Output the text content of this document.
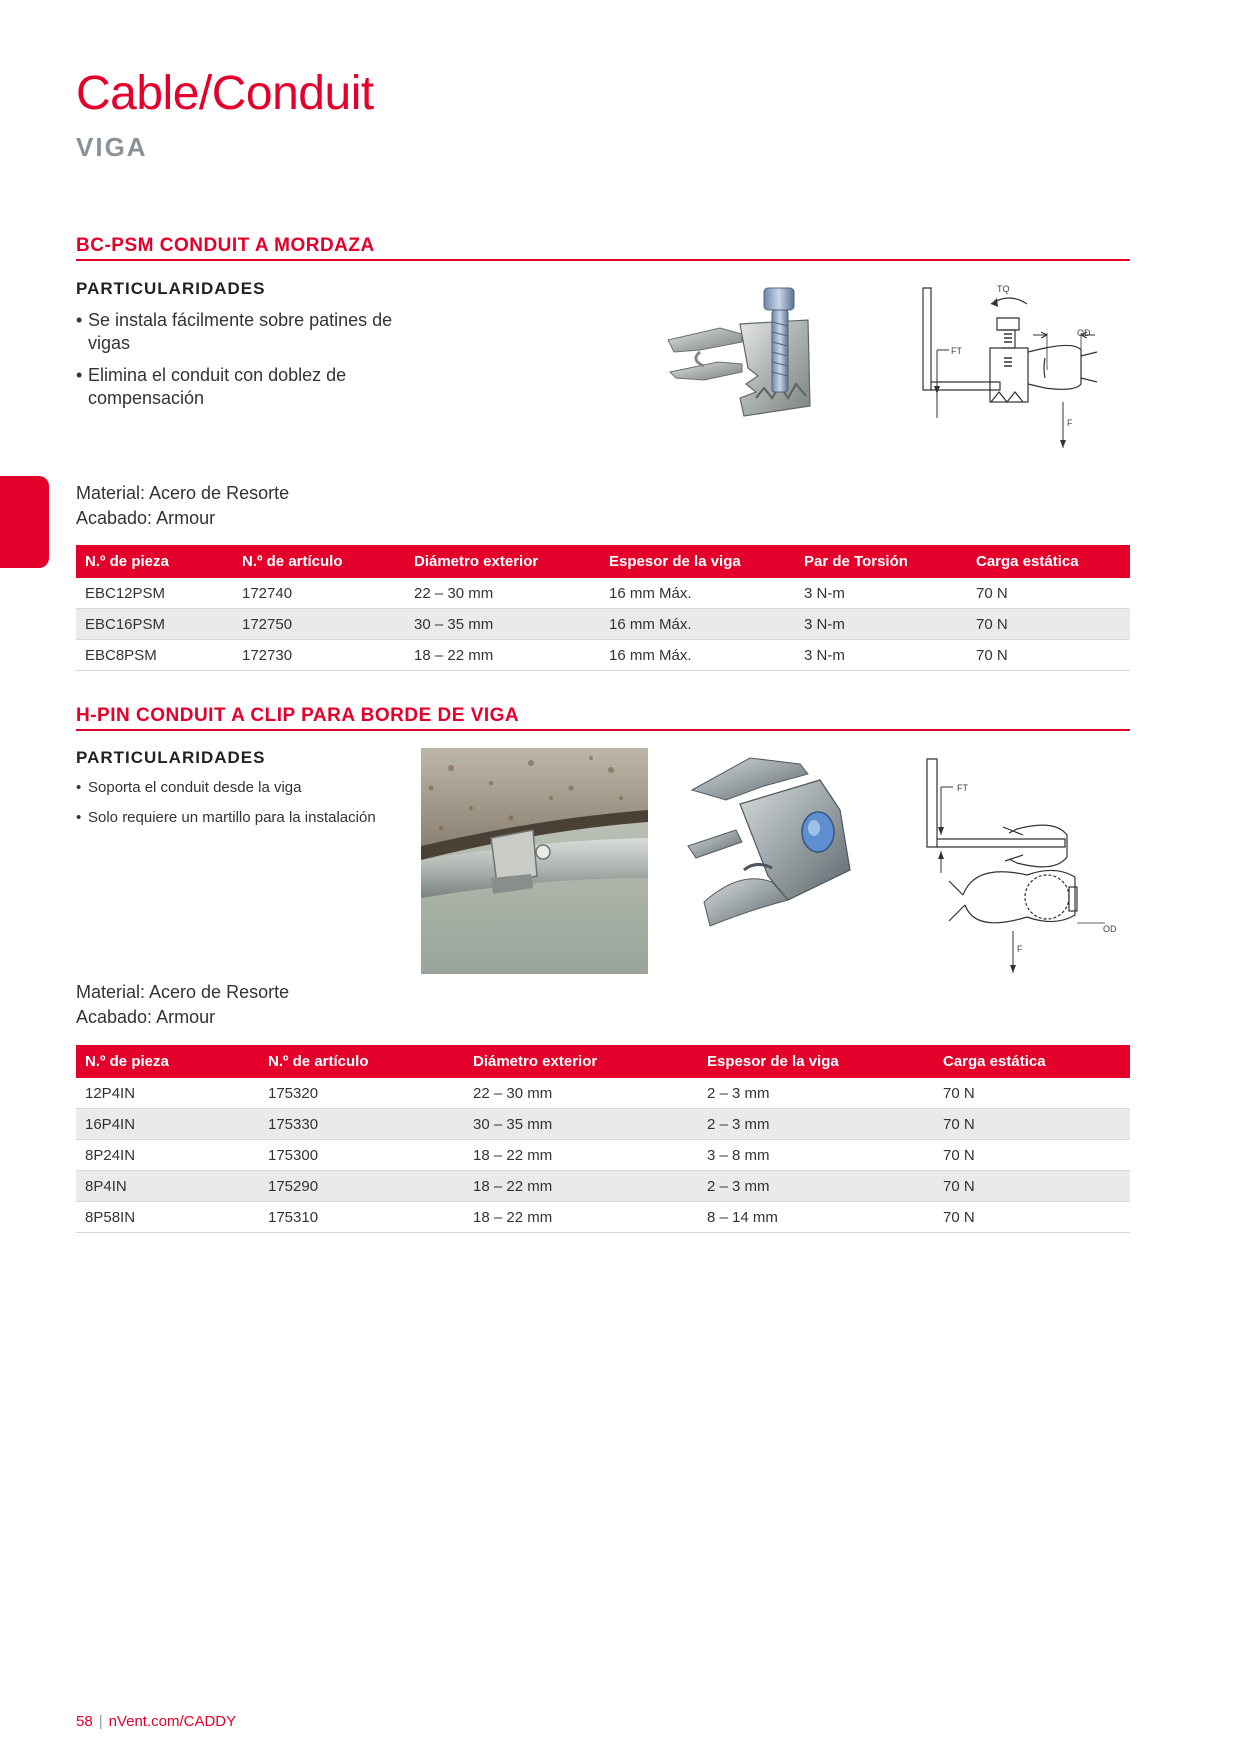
Cable/Conduit
VIGA
BC-PSM CONDUIT A MORDAZA
PARTICULARIDADES
• Se instala fácilmente sobre patines de vigas
• Elimina el conduit con doblez de compensación
TQ
OD
FT
F
Material: Acero de Resorte
Acabado: Armour
N.º de pieza	N.º de artículo	Diámetro exterior	Espesor de la viga	Par de Torsión	Carga estática
EBC12PSM	172740	22 – 30 mm	16 mm Máx.	3 N-m	70 N
EBC16PSM	172750	30 – 35 mm	16 mm Máx.	3 N-m	70 N
EBC8PSM	172730	18 – 22 mm	16 mm Máx.	3 N-m	70 N
H-PIN CONDUIT A CLIP PARA BORDE DE VIGA
PARTICULARIDADES
• Soporta el conduit desde la viga
• Solo requiere un martillo para la instalación
FT
OD
F
Material: Acero de Resorte
Acabado: Armour
N.º de pieza	N.º de artículo	Diámetro exterior	Espesor de la viga	Carga estática
12P4IN	175320	22 – 30 mm	2 – 3 mm	70 N
16P4IN	175330	30 – 35 mm	2 – 3 mm	70 N
8P24IN	175300	18 – 22 mm	3 – 8 mm	70 N
8P4IN	175290	18 – 22 mm	2 – 3 mm	70 N
8P58IN	175310	18 – 22 mm	8 – 14 mm	70 N
58 | nVent.com/CADDY
